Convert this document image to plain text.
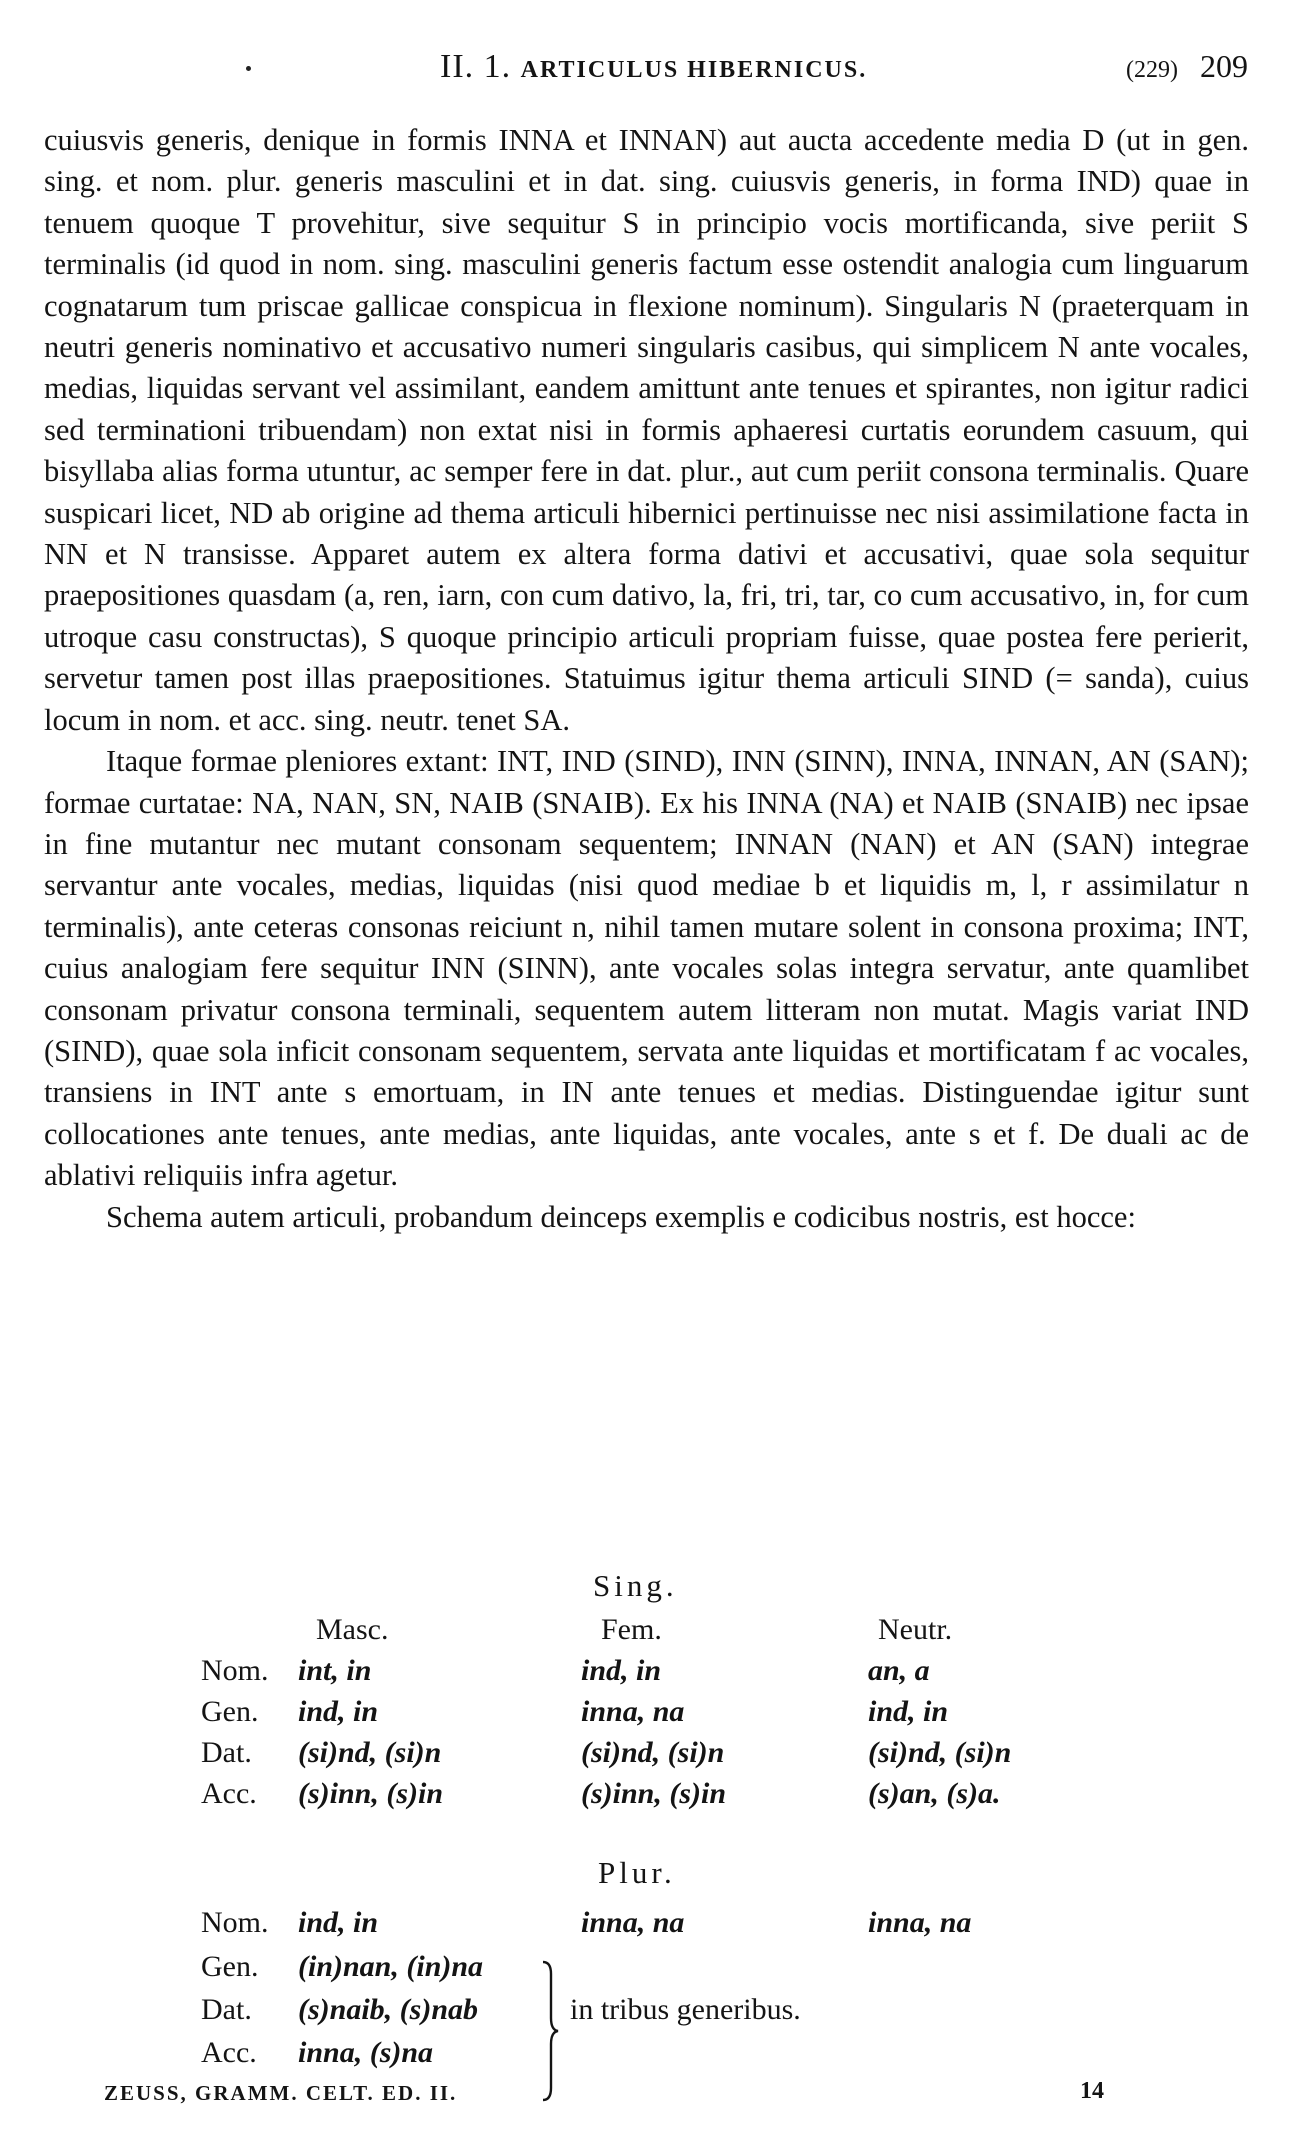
II. 1. ARTICULUS HIBERNICUS.	(229) 209

cuiusvis generis, denique in formis INNA et INNAN) aut aucta accedente media D (ut in gen. sing. et nom. plur. generis masculini et in dat. sing. cuiusvis generis, in forma IND) quae in tenuem quoque T provehitur, sive sequitur S in principio vocis mortificanda, sive periit S terminalis (id quod in nom. sing. masculini generis factum esse ostendit analogia cum linguarum cognatarum tum priscae gallicae conspicua in flexione nominum). Singularis N (praeterquam in neutri generis nominativo et accusativo numeri singularis casibus, qui simplicem N ante vocales, medias, liquidas servant vel assimilant, eandem amittunt ante tenues et spirantes, non igitur radici sed terminationi tribuendam) non extat nisi in formis aphaeresi curtatis eorundem casuum, qui bisyllaba alias forma utuntur, ac semper fere in dat. plur., aut cum periit consona terminalis. Quare suspicari licet, ND ab origine ad thema articuli hibernici pertinuisse nec nisi assimilatione facta in NN et N transisse. Apparet autem ex altera forma dativi et accusativi, quae sola sequitur praepositiones quasdam (a, ren, iarn, con cum dativo, la, fri, tri, tar, co cum accusativo, in, for cum utroque casu constructas), S quoque principio articuli propriam fuisse, quae postea fere perierit, servetur tamen post illas praepositiones. Statuimus igitur thema articuli SIND (= sanda), cuius locum in nom. et acc. sing. neutr. tenet SA.

Itaque formae pleniores extant: INT, IND (SIND), INN (SINN), INNA, INNAN, AN (SAN); formae curtatae: NA, NAN, SN, NAIB (SNAIB). Ex his INNA (NA) et NAIB (SNAIB) nec ipsae in fine mutantur nec mutant consonam sequentem; INNAN (NAN) et AN (SAN) integrae servantur ante vocales, medias, liquidas (nisi quod mediae b et liquidis m, l, r assimilatur n terminalis), ante ceteras consonas reiciunt n, nihil tamen mutare solent in consona proxima; INT, cuius analogiam fere sequitur INN (SINN), ante vocales solas integra servatur, ante quamlibet consonam privatur consona terminali, sequentem autem litteram non mutat. Magis variat IND (SIND), quae sola inficit consonam sequentem, servata ante liquidas et mortificatam f ac vocales, transiens in INT ante s emortuam, in IN ante tenues et medias. Distinguendae igitur sunt collocationes ante tenues, ante medias, ante liquidas, ante vocales, ante s et f. De duali ac de ablativi reliquiis infra agetur.

Schema autem articuli, probandum deinceps exemplis e codicibus nostris, est hocce:

Sing.
Masc.	Fem.	Neutr.
Nom. int, in	ind, in	an, a
Gen. ind, in	inna, na	ind, in
Dat. (si)nd, (si)n	(si)nd, (si)n	(si)nd, (si)n
Acc. (s)inn, (s)in	(s)inn, (s)in	(s)an, (s)a.
Plur.
Nom. ind, in	inna, na	inna, na
Gen. (in)nan, (in)na
Dat. (s)naib, (s)nab
Acc. inna, (s)na
in tribus generibus.
ZEUSS, GRAMM. CELT. ED. II.	14
